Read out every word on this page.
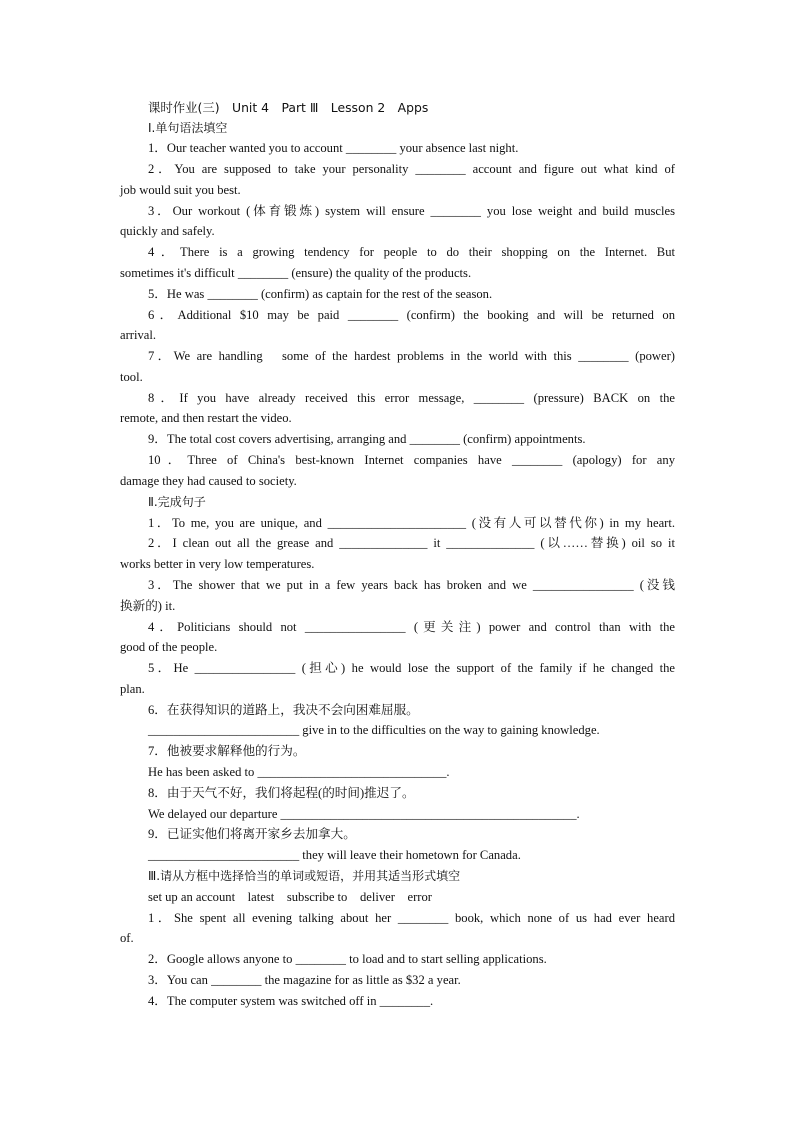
课时作业(三)　Unit 4　Part Ⅲ　Lesson 2　Apps
Ⅰ.单句语法填空
1．Our teacher wanted you to account ________ your absence last night.
2．You are supposed to take your personality ________ account and figure out what kind of
job would suit you best.
3．Our workout (体育锻炼) system will ensure ________ you lose weight and build muscles
quickly and safely.
4．There is a growing tendency for people to do their shopping on the Internet. But
sometimes it's difficult ________ (ensure) the quality of the products.
5．He was ________ (confirm) as captain for the rest of the season.
6．Additional $10 may be paid ________ (confirm) the booking and will be returned on
arrival.
7．We are handling　some of the hardest problems in the world with this ________ (power)
tool.
8．If you have already received this error message, ________ (pressure) BACK on the
remote, and then restart the video.
9．The total cost covers advertising, arranging and ________ (confirm) appointments.
10．Three of China's best-known Internet companies have ________ (apology) for any
damage they had caused to society.
Ⅱ.完成句子
1．To me, you are unique, and ______________________ (没有人可以替代你) in my heart.
2．I clean out all the grease and ______________ it ______________ (以……替换) oil so it
works better in very low temperatures.
3．The shower that we put in a few years back has broken and we ________________ (没钱
换新的) it.
4．Politicians should not ________________ (更关注) power and control than with the
good of the people.
5．He ________________ (担心) he would lose the support of the family if he changed the
plan.
6．在获得知识的道路上，我决不会向困难屈服。
________________________ give in to the difficulties on the way to gaining knowledge.
7．他被要求解释他的行为。
He has been asked to ______________________________.
8．由于天气不好，我们将起程(的时间)推迟了。
We delayed our departure _______________________________________________.
9．已证实他们将离开家乡去加拿大。
________________________ they will leave their hometown for Canada.
Ⅲ.请从方框中选择恰当的单词或短语，并用其适当形式填空
set up an account　latest　subscribe to　deliver　error
1．She spent all evening talking about her ________ book, which none of us had ever heard
of.
2．Google allows anyone to ________ to load and to start selling applications.
3．You can ________ the magazine for as little as $32 a year.
4．The computer system was switched off in ________.
